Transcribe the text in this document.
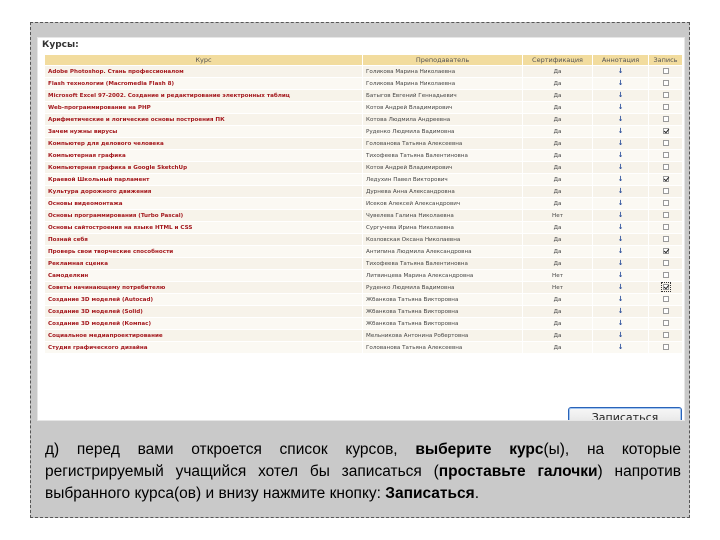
Курсы:
Курс	Преподаватель	Сертификация	Аннотация	Запись
Adobe Photoshop. Стань профессионалом	Голикова Марина Николаевна	Да	↓	
Flash технологии (Macromedia Flash 8)	Голикова Марина Николаевна	Да	↓	
Microsoft Excel 97-2002. Создание и редактирование электронных таблиц	Батыгов Евгений Геннадьевич	Да	↓	
Web-программирование на PHP	Котов Андрей Владимирович	Да	↓	
Арифметические и логические основы построения ПК	Котова Людмила Андреевна	Да	↓	
Зачем нужны вирусы	Руденко Людмила Вадимовна	Да	↓	
Компьютер для делового человека	Голованова Татьяна Алексеевна	Да	↓	
Компьютерная графика	Тихофеева Татьяна Валентиновна	Да	↓	
Компьютерная графика в Google SketchUp	Котов Андрей Владимирович	Да	↓	
Краевой Школьный парламент	Ледухин Павел Викторович	Да	↓	
Культура дорожного движения	Дурнева Анна Александровна	Да	↓	
Основы видеомонтажа	Исеков Алексей Александрович	Да	↓	
Основы программирования (Turbo Pascal)	Чувелева Галина Николаевна	Нет	↓	
Основы сайтостроения на языке HTML и CSS	Сургучева Ирина Николаевна	Да	↓	
Познай себя	Козловская Оксана Николаевна	Да	↓	
Проверь свои творческие способности	Антипина Людмила Александровна	Да	↓	
Рекламная сценка	Тихофеева Татьяна Валентиновна	Да	↓	
Самоделкин	Литвинцева Марина Александровна	Нет	↓	
Советы начинающему потребителю	Руденко Людмила Вадимовна	Нет	↓	
Создание 3D моделей (Autocad)	Жбанкова Татьяна Викторовна	Да	↓	
Создание 3D моделей (Solid)	Жбанкова Татьяна Викторовна	Да	↓	
Создание 3D моделей (Компас)	Жбанкова Татьяна Викторовна	Да	↓	
Социальное медиапроектирование	Мельникова Антонина Робертовна	Да	↓	
Студия графического дизайна	Голованова Татьяна Алексеевна	Да	↓	
Записаться
д) перед вами откроется список курсов, выберите курс(ы), на которые регистрируемый учащийся хотел бы записаться (проставьте галочки) напротив выбранного курса(ов) и внизу нажмите кнопку: Записаться.
